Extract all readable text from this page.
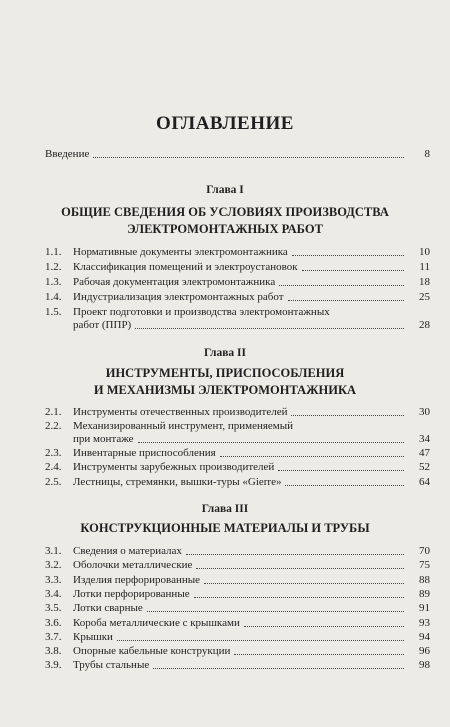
ОГЛАВЛЕНИЕ
Введение	8
Глава I
ОБЩИЕ СВЕДЕНИЯ ОБ УСЛОВИЯХ ПРОИЗВОДСТВА
ЭЛЕКТРОМОНТАЖНЫХ РАБОТ
1.1.	Нормативные документы электромонтажника	10
1.2.	Классификация помещений и электроустановок	11
1.3.	Рабочая документация электромонтажника	18
1.4.	Индустриализация электромонтажных работ	25
1.5. Проект подготовки и производства электромонтажных
работ (ППР)	28
Глава II
ИНСТРУМЕНТЫ, ПРИСПОСОБЛЕНИЯ
И МЕХАНИЗМЫ ЭЛЕКТРОМОНТАЖНИКА
2.1.	Инструменты отечественных производителей	30
2.2. Механизированный инструмент, применяемый
при монтаже	34
2.3.	Инвентарные приспособления	47
2.4.	Инструменты зарубежных производителей	52
2.5.	Лестницы, стремянки, вышки-туры «Gierre»	64
Глава III
КОНСТРУКЦИОННЫЕ МАТЕРИАЛЫ И ТРУБЫ
3.1.	Сведения о материалах	70
3.2.	Оболочки металлические	75
3.3.	Изделия перфорированные	88
3.4.	Лотки перфорированные	89
3.5.	Лотки сварные	91
3.6.	Короба металлические с крышками	93
3.7.	Крышки	94
3.8.	Опорные кабельные конструкции	96
3.9.	Трубы стальные	98
